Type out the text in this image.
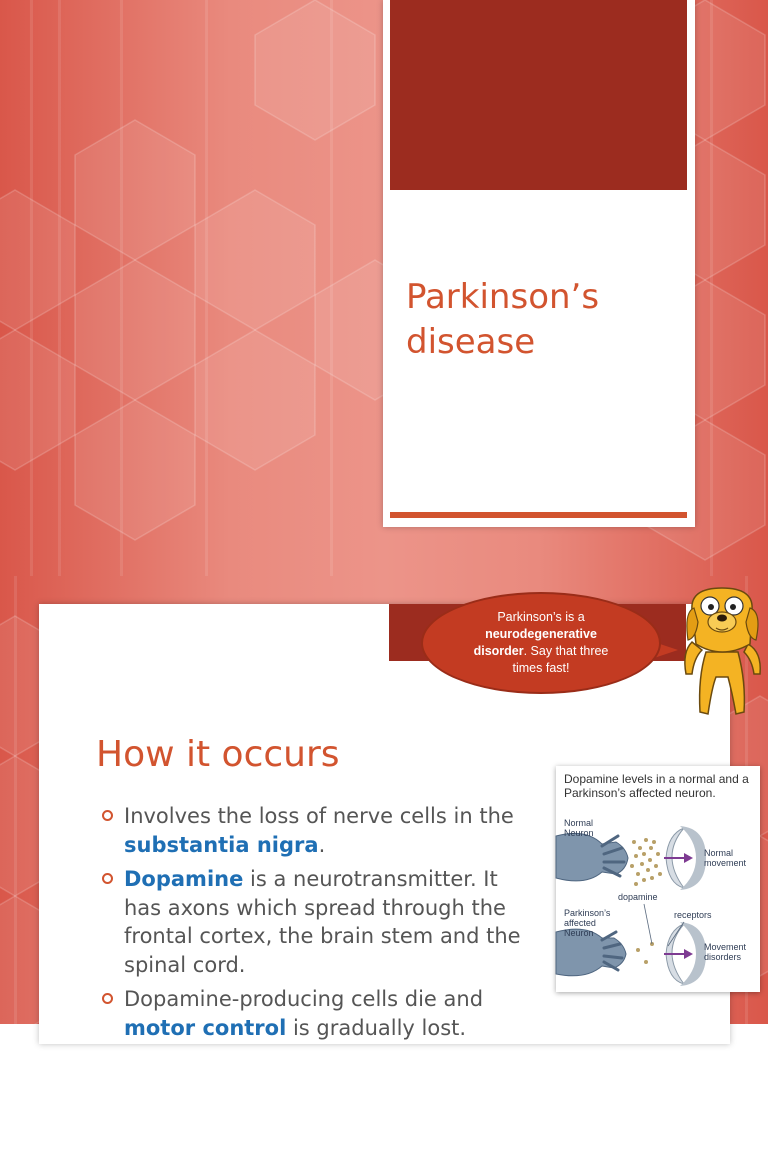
Parkinson’s disease
How it occurs
Involves the loss of nerve cells in the substantia nigra.
Dopamine is a neurotransmitter. It has axons which spread through the frontal cortex, the brain stem and the spinal cord.
Dopamine-producing cells die and motor control is gradually lost.
Parkinson’s is a neurodegenerative disorder. Say that three times fast!

Dopamine levels in a normal and a Parkinson’s affected neuron.

Normal
Neuron
Normal
movement
dopamine
receptors
Parkinson’s
affected
Neuron
Movement
disorders
